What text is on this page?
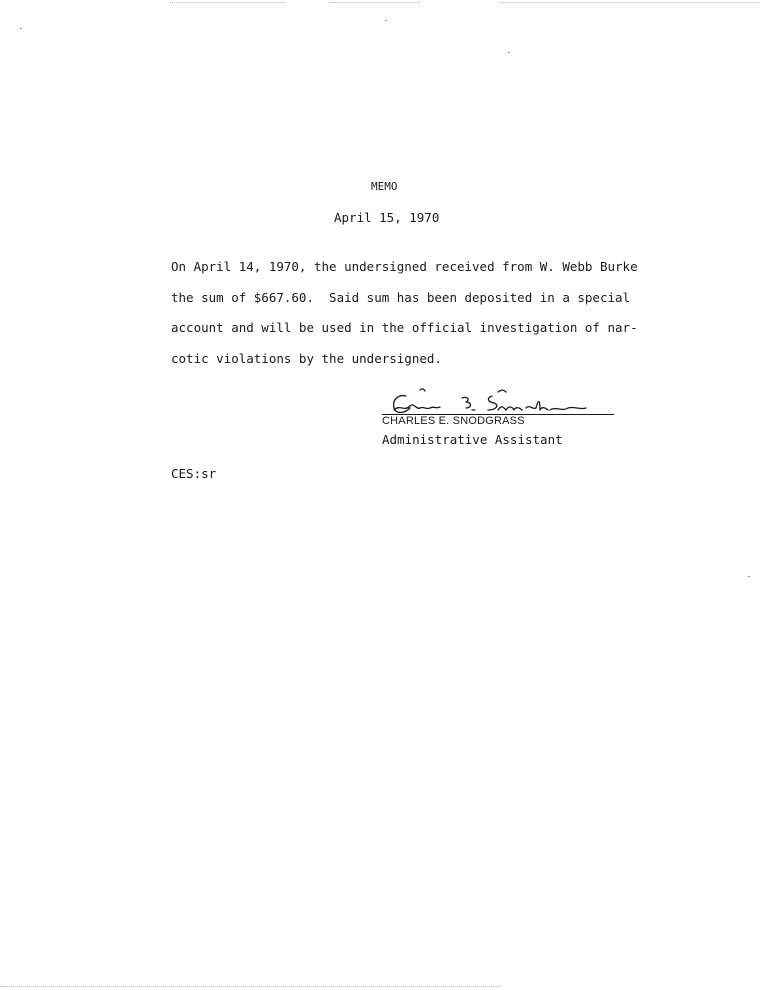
MEMO
April 15, 1970
On April 14, 1970, the undersigned received from W. Webb Burke
the sum of $667.60.  Said sum has been deposited in a special
account and will be used in the official investigation of nar-
cotic violations by the undersigned.
CHARLES E. SNODGRASS
Administrative Assistant
CES:sr
